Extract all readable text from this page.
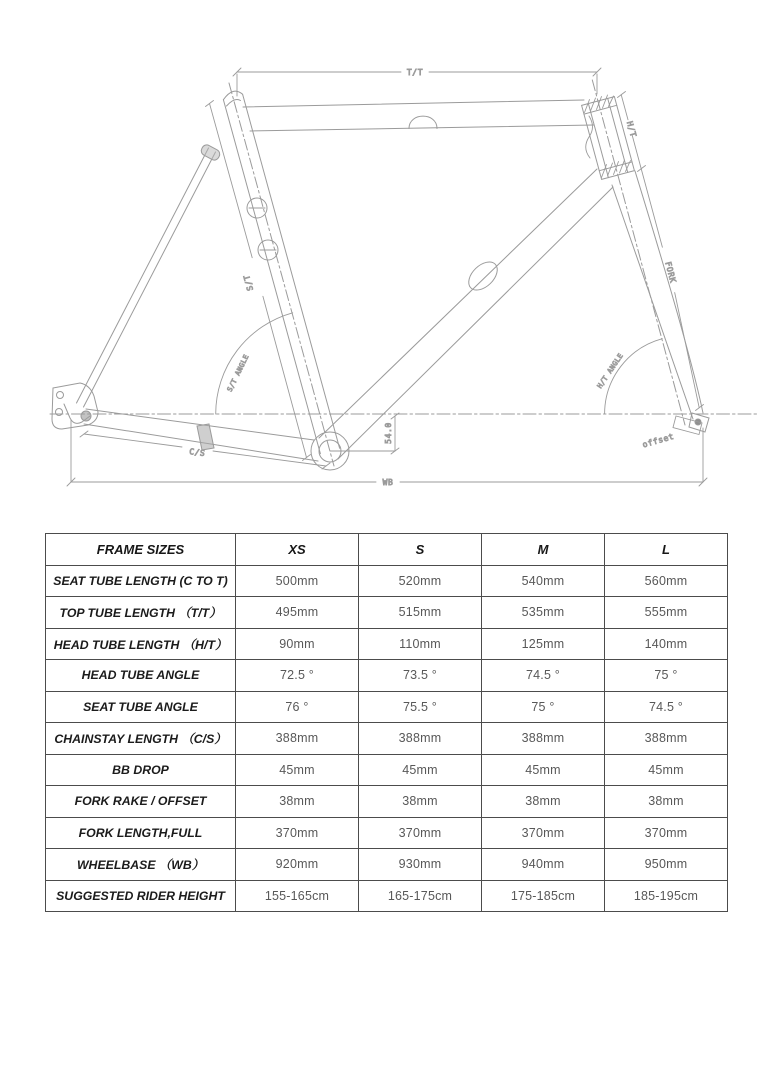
T/T
S/T
C/S
WB
H/T
FORK
54.0	offset
S/T ANGLE	H/T ANGLE
FRAME SIZES	XS	S	M	L
SEAT TUBE LENGTH (C TO T)	500mm	520mm	540mm	560mm
TOP TUBE LENGTH （T/T）	495mm	515mm	535mm	555mm
HEAD TUBE LENGTH （H/T）	90mm	110mm	125mm	140mm
HEAD TUBE ANGLE	72.5 °	73.5 °	74.5 °	75 °
SEAT TUBE ANGLE	76 °	75.5 °	75 °	74.5 °
CHAINSTAY LENGTH （C/S）	388mm	388mm	388mm	388mm
BB DROP	45mm	45mm	45mm	45mm
FORK RAKE / OFFSET	38mm	38mm	38mm	38mm
FORK LENGTH,FULL	370mm	370mm	370mm	370mm
WHEELBASE （WB）	920mm	930mm	940mm	950mm
SUGGESTED RIDER HEIGHT	155-165cm	165-175cm	175-185cm	185-195cm
